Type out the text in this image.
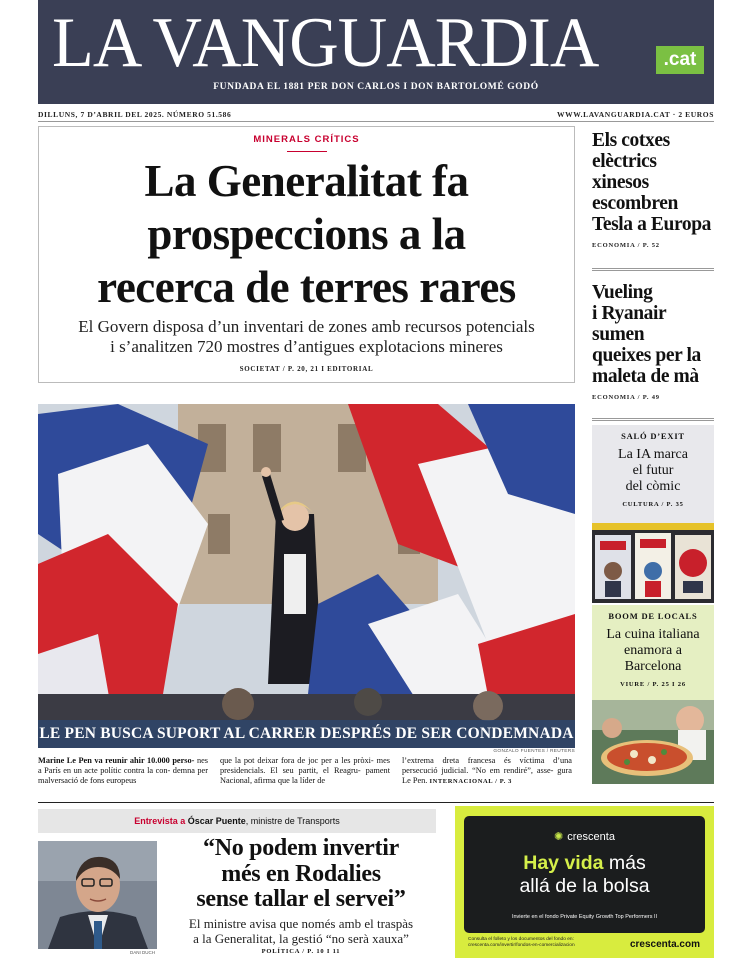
LA VANGUARDIA	.cat
FUNDADA EL 1881 PER DON CARLOS I DON BARTOLOMÉ GODÓ
DILLUNS, 7 D’ABRIL DEL 2025. NÚMERO 51.586	WWW.LAVANGUARDIA.CAT · 2 EUROS
MINERALS CRÍTICS
La Generalitat fa
prospeccions a la
recerca de terres rares
El Govern disposa d’un inventari de zones amb recursos potencials
i s’analitzen 720 mostres d’antigues explotacions mineres
SOCIETAT / P. 20, 21 I EDITORIAL
Els cotxes
elèctrics
xinesos
escombren
Tesla a Europa
ECONOMIA / P. 52
Vueling
i Ryanair
sumen
queixes per la
maleta de mà
ECONOMIA / P. 49
SALÓ D’EXIT
La IA marca
el futur
del còmic
CULTURA / P. 35
BOOM DE LOCALS
La cuina italiana
enamora a
Barcelona
VIURE / P. 25 I 26
LE PEN BUSCA SUPORT AL CARRER DESPRÉS DE SER CONDEMNADA
GONZALO FUENTES / REUTERS
Marine Le Pen va reunir ahir 10.000 perso- nes a París en un acte polític contra la con- demna per malversació de fons europeus
que la pot deixar fora de joc per a les pròxi- mes presidencials. El seu partit, el Reagru- pament Nacional, afirma que la líder de
l’extrema dreta francesa és víctima d’una persecució judicial. “No em rendiré”, asse- gura Le Pen. INTERNACIONAL / P. 3
Entrevista a Óscar Puente, ministre de Transports
DANI DUCH
“No podem invertir
més en Rodalies
sense tallar el servei”
El ministre avisa que només amb el traspàs
a la Generalitat, la gestió “no serà xauxa”
POLÍTICA / P. 10 I 11
✺ crescenta
Hay vida más
allá de la bolsa
Invierte en el fondo Private Equity Growth Top Performers II
Consulta el folleto y los documentos del fondo en: crescenta.com/invertir/fondos-en-comercializacion	crescenta.com
